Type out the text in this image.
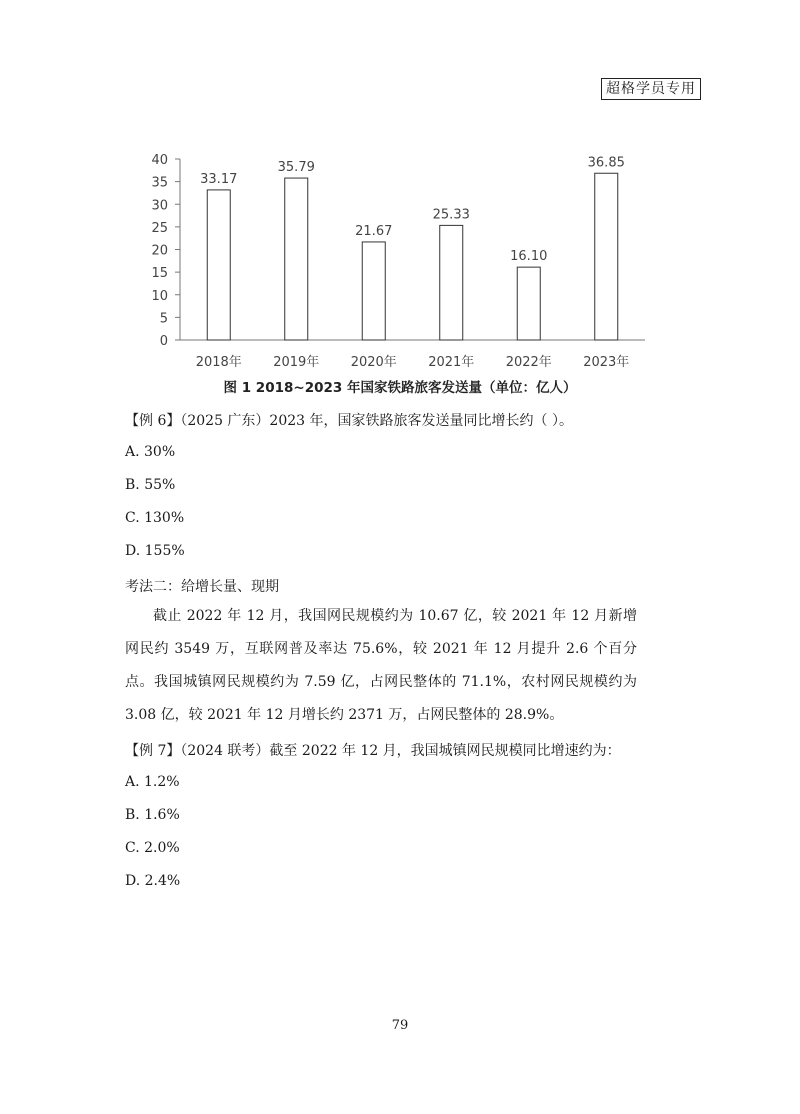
超格学员专用
0
5
10
15
20
25
30
35
40
33.17
2018年
35.79
2019年
21.67
2020年
25.33
2021年
16.10
2022年
36.85
2023年
图 1 2018~2023 年国家铁路旅客发送量（单位：亿人）
【例 6】（2025 广东）2023 年，国家铁路旅客发送量同比增长约（ ）。
A. 30%
B. 55%
C. 130%
D. 155%
考法二：给增长量、现期
截止 2022 年 12 月，我国网民规模约为 10.67 亿，较 2021 年 12 月新增网民约 3549 万，互联网普及率达 75.6%，较 2021 年 12 月提升 2.6 个百分点。我国城镇网民规模约为 7.59 亿，占网民整体的 71.1%，农村网民规模约为 3.08 亿，较 2021 年 12 月增长约 2371 万，占网民整体的 28.9%。
【例 7】（2024 联考）截至 2022 年 12 月，我国城镇网民规模同比增速约为：
A. 1.2%
B. 1.6%
C. 2.0%
D. 2.4%
79
